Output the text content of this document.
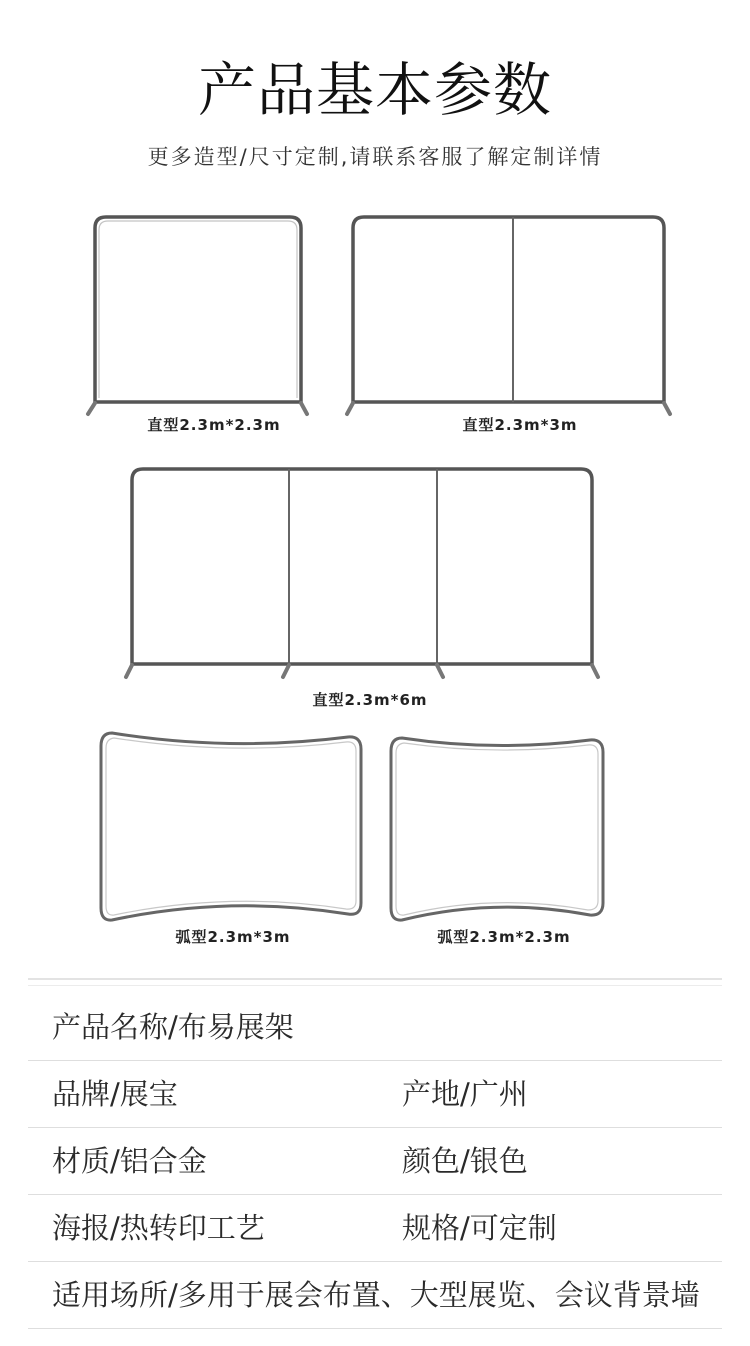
产品基本参数
更多造型/尺寸定制,请联系客服了解定制详情
直型2.3m*2.3m	直型2.3m*3m
直型2.3m*6m
弧型2.3m*3m	弧型2.3m*2.3m
产品名称/布易展架
品牌/展宝	产地/广州
材质/铝合金	颜色/银色
海报/热转印工艺	规格/可定制
适用场所/多用于展会布置、大型展览、会议背景墙
